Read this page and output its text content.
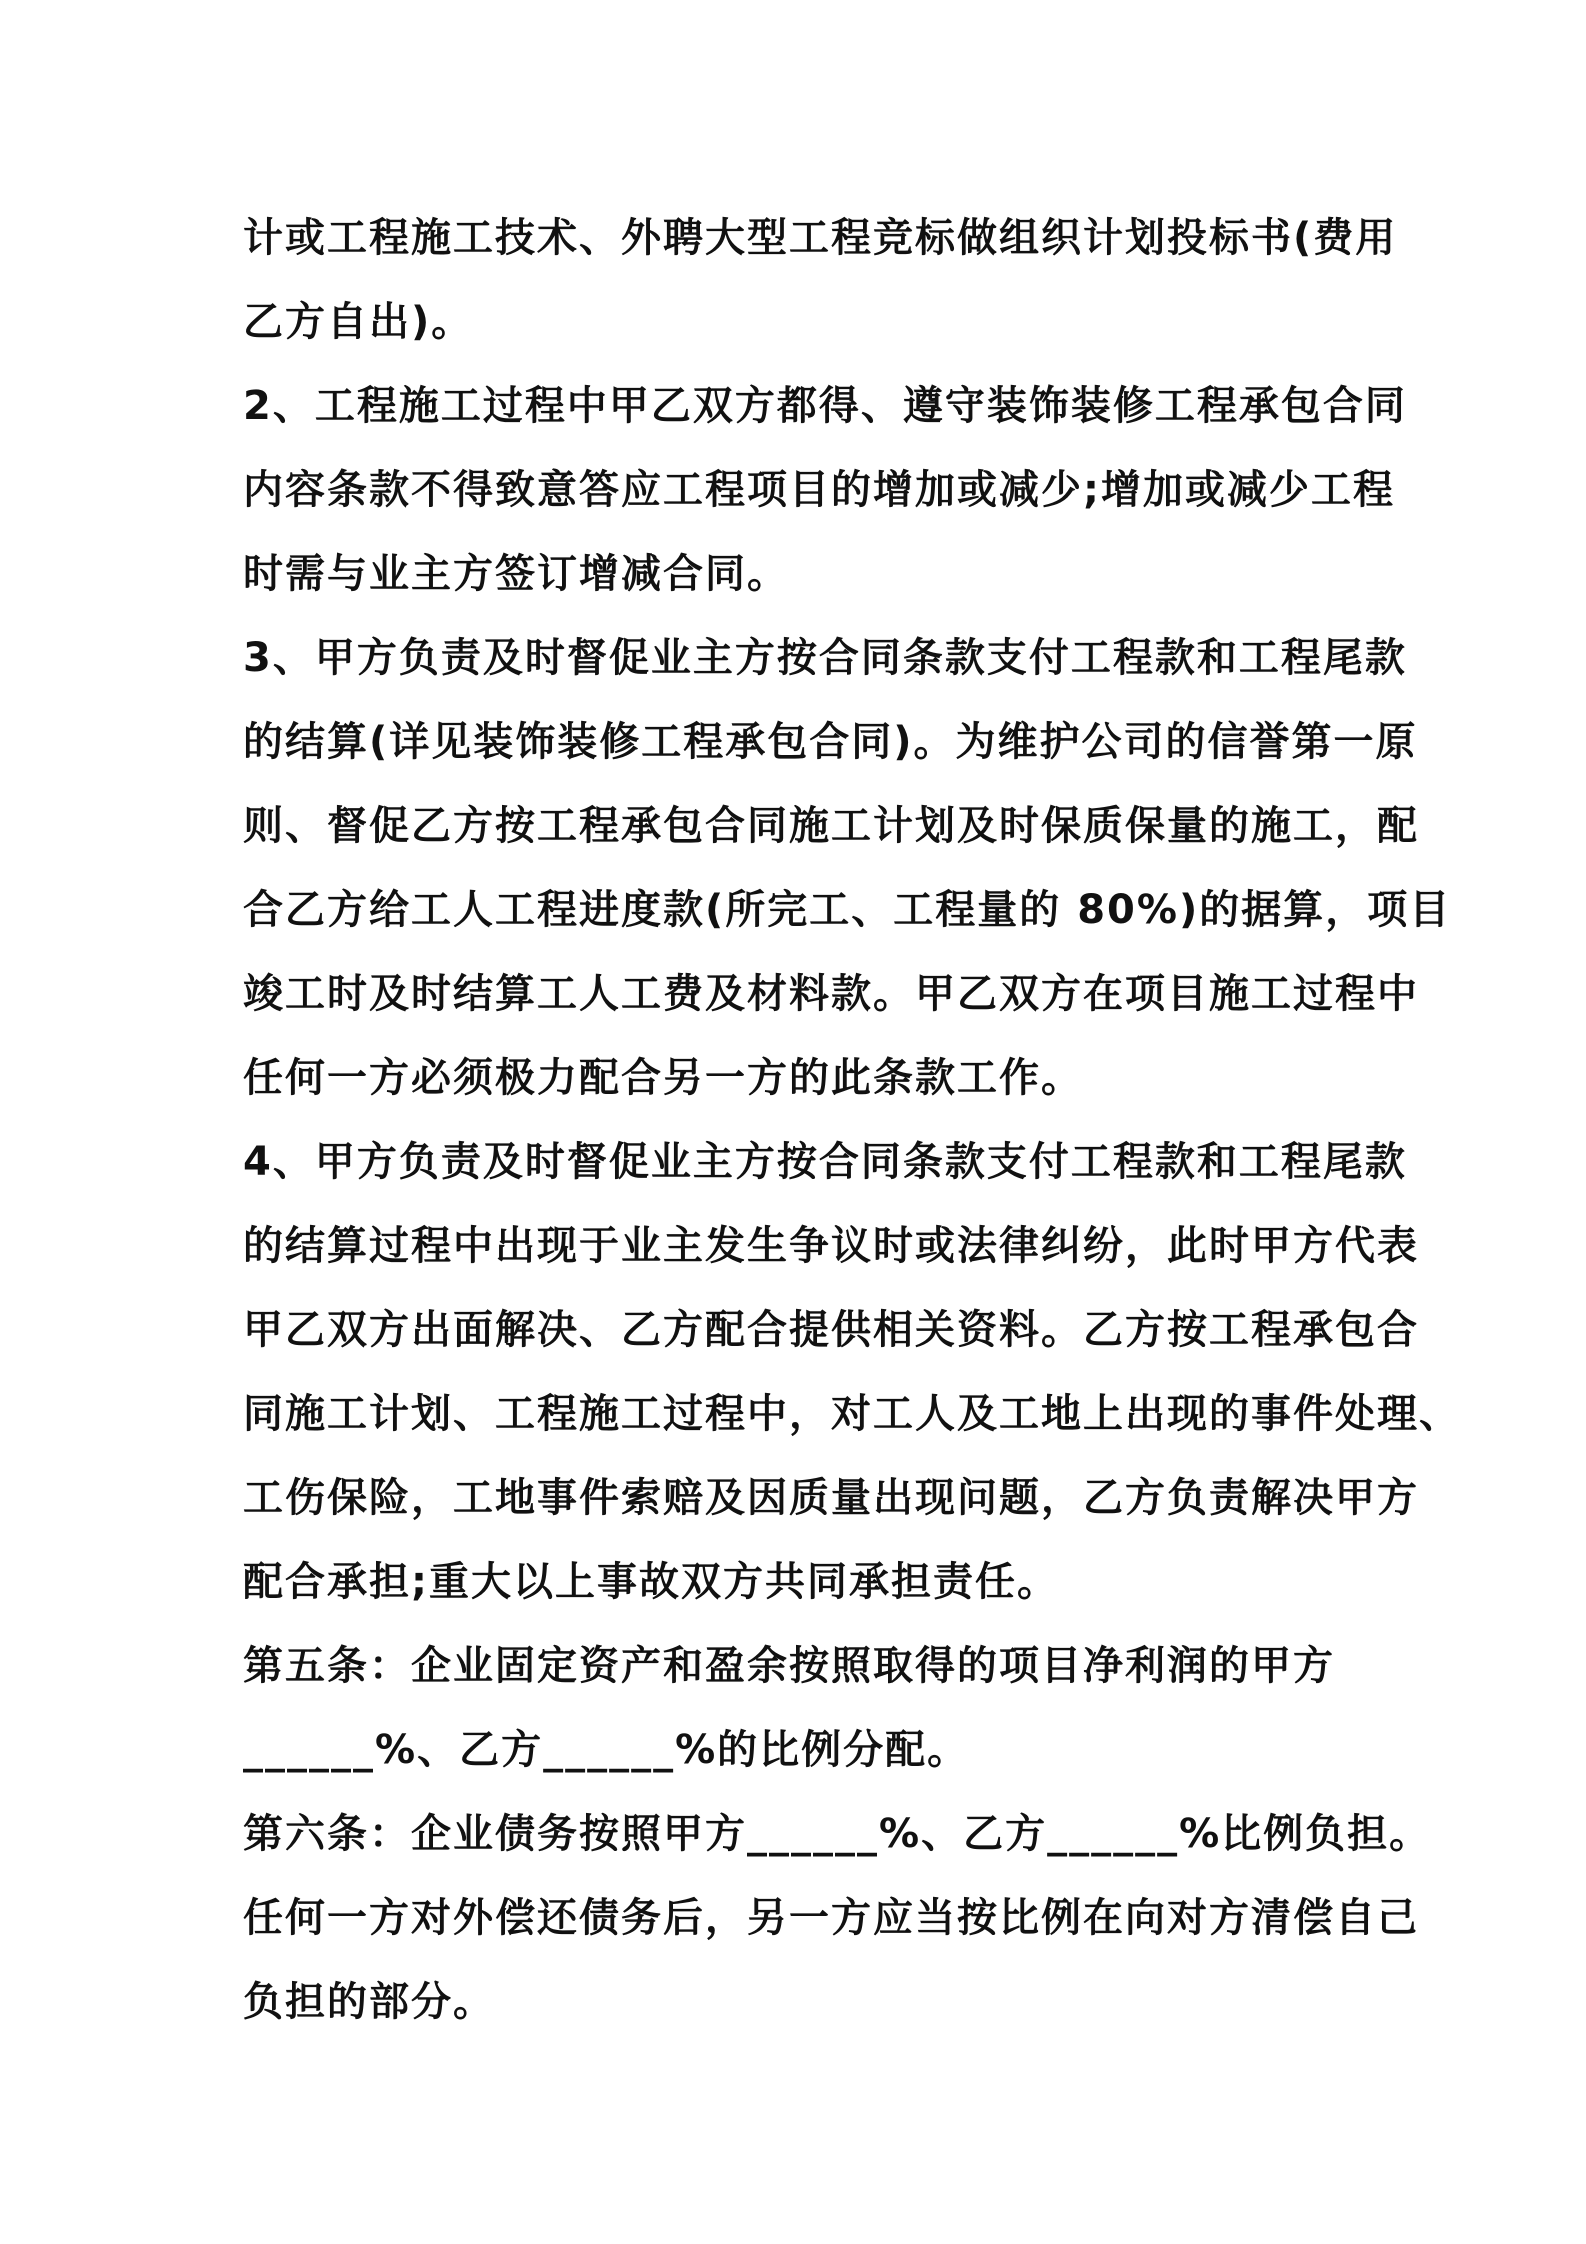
计或工程施工技术、外聘大型工程竞标做组织计划投标书(费用
乙方自出)。
2、工程施工过程中甲乙双方都得、遵守装饰装修工程承包合同
内容条款不得致意答应工程项目的增加或减少;增加或减少工程
时需与业主方签订增减合同。
3、甲方负责及时督促业主方按合同条款支付工程款和工程尾款
的结算(详见装饰装修工程承包合同)。为维护公司的信誉第一原
则、督促乙方按工程承包合同施工计划及时保质保量的施工，配
合乙方给工人工程进度款(所完工、工程量的 80%)的据算，项目
竣工时及时结算工人工费及材料款。甲乙双方在项目施工过程中
任何一方必须极力配合另一方的此条款工作。
4、甲方负责及时督促业主方按合同条款支付工程款和工程尾款
的结算过程中出现于业主发生争议时或法律纠纷，此时甲方代表
甲乙双方出面解决、乙方配合提供相关资料。乙方按工程承包合
同施工计划、工程施工过程中，对工人及工地上出现的事件处理、
工伤保险，工地事件索赔及因质量出现问题，乙方负责解决甲方
配合承担;重大以上事故双方共同承担责任。
第五条：企业固定资产和盈余按照取得的项目净利润的甲方
______%、乙方______%的比例分配。
第六条：企业债务按照甲方______%、乙方______%比例负担。
任何一方对外偿还债务后，另一方应当按比例在向对方清偿自己
负担的部分。
